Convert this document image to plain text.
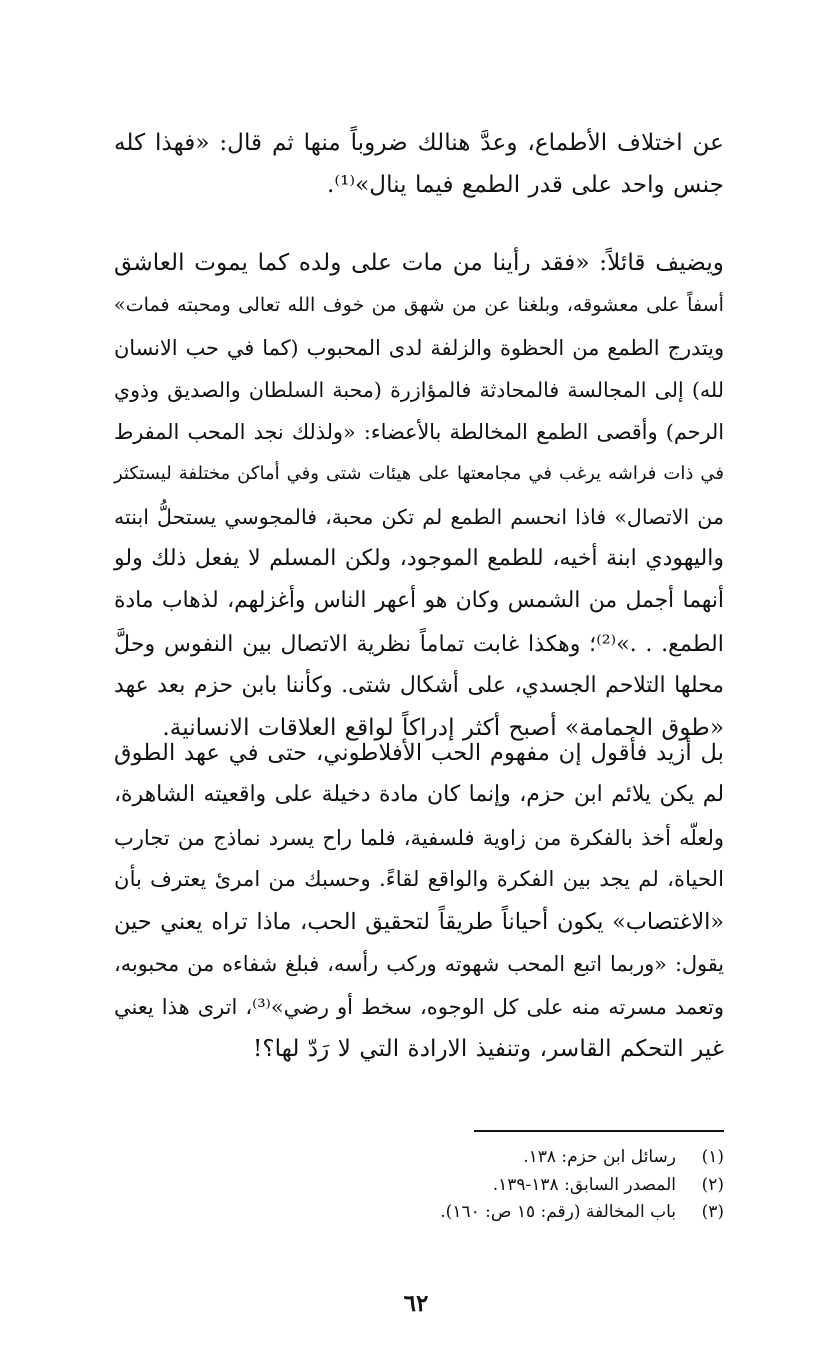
عن اختلاف الأطماع، وعدَّ هنالك ضروباً منها ثم قال: «فهذا كله
جنس واحد على قدر الطمع فيما ينال»⁽¹⁾.
ويضيف قائلاً: «فقد رأينا من مات على ولده كما يموت العاشق
أسفاً على معشوقه، وبلغنا عن من شهق من خوف الله تعالى ومحبته فمات»
ويتدرج الطمع من الحظوة والزلفة لدى المحبوب (كما في حب الانسان
لله) إلى المجالسة فالمحادثة فالمؤازرة (محبة السلطان والصديق وذوي
الرحم) وأقصى الطمع المخالطة بالأعضاء: «ولذلك نجد المحب المفرط
في ذات فراشه يرغب في مجامعتها على هيئات شتى وفي أماكن مختلفة ليستكثر
من الاتصال» فاذا انحسم الطمع لم تكن محبة، فالمجوسي يستحلُّ ابنته
واليهودي ابنة أخيه، للطمع الموجود، ولكن المسلم لا يفعل ذلك ولو
أنهما أجمل من الشمس وكان هو أعهر الناس وأغزلهم، لذهاب مادة
الطمع. . .»⁽²⁾؛ وهكذا غابت تماماً نظرية الاتصال بين النفوس وحلَّ
محلها التلاحم الجسدي، على أشكال شتى. وكأننا بابن حزم بعد عهد
«طوق الحمامة» أصبح أكثر إدراكاً لواقع العلاقات الانسانية.
بل أزيد فأقول إن مفهوم الحب الأفلاطوني، حتى في عهد الطوق
لم يكن يلائم ابن حزم، وإنما كان مادة دخيلة على واقعيته الشاهرة،
ولعلّه أخذ بالفكرة من زاوية فلسفية، فلما راح يسرد نماذج من تجارب
الحياة، لم يجد بين الفكرة والواقع لقاءً. وحسبك من امرئ يعترف بأن
«الاغتصاب» يكون أحياناً طريقاً لتحقيق الحب، ماذا تراه يعني حين
يقول: «وربما اتبع المحب شهوته وركب رأسه، فبلغ شفاءه من محبوبه،
وتعمد مسرته منه على كل الوجوه، سخط أو رضي»⁽³⁾، اترى هذا يعني
غير التحكم القاسر، وتنفيذ الارادة التي لا رَدّ لها؟!
(١)
رسائل ابن حزم: ١٣٨.
(٢)
المصدر السابق: ١٣٨-١٣٩.
(٣)
باب المخالفة (رقم: ١٥ ص: ١٦٠).
٦٢
